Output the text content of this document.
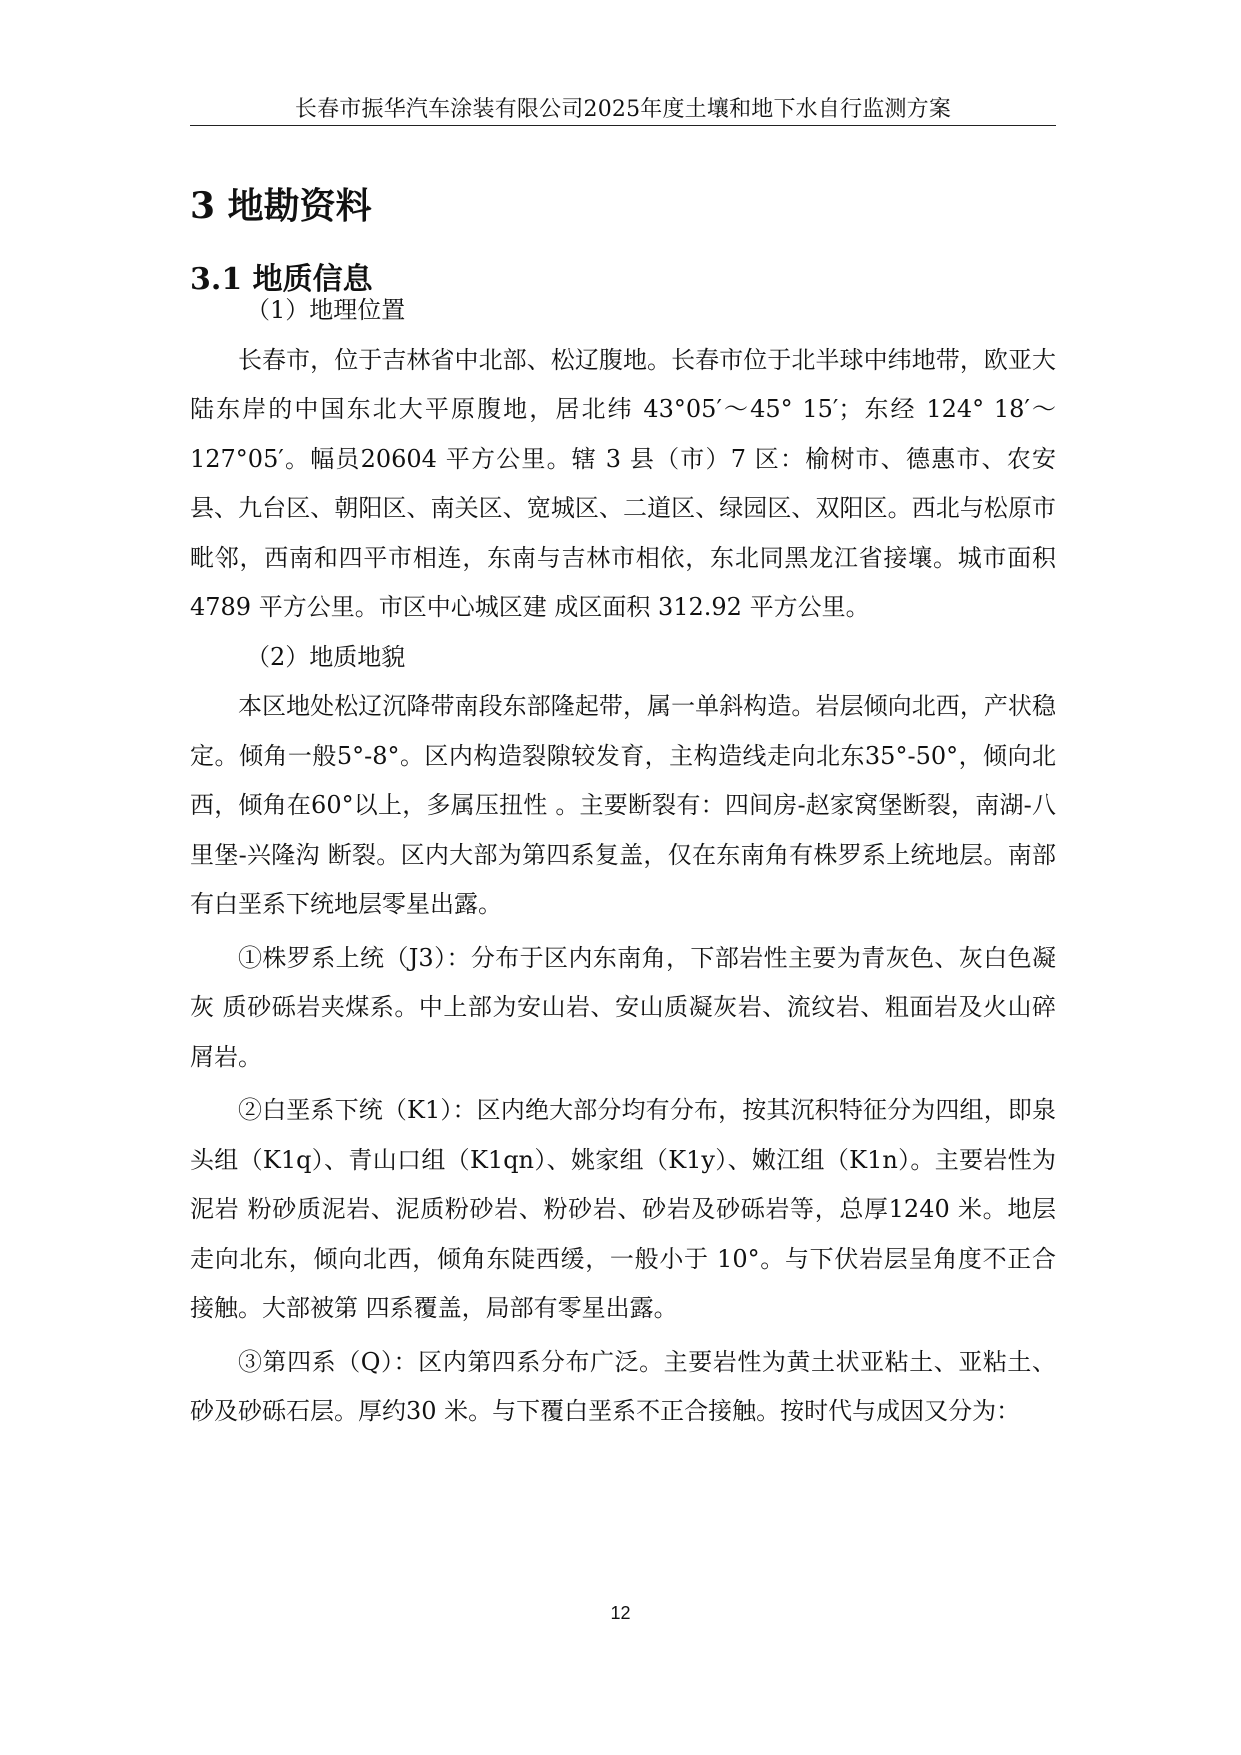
长春市振华汽车涂装有限公司2025年度土壤和地下水自行监测方案
3 地勘资料
3.1 地质信息

（1）地理位置

长春市，位于吉林省中北部、松辽腹地。长春市位于北半球中纬地带，欧亚大陆东岸的中国东北大平原腹地，居北纬 43°05′～45° 15′；东经 124° 18′～127°05′。幅员20604 平方公里。辖 3 县（市）7 区：榆树市、德惠市、农安县、九台区、朝阳区、南关区、宽城区、二道区、绿园区、双阳区。西北与松原市毗邻，西南和四平市相连，东南与吉林市相依，东北同黑龙江省接壤。城市面积 4789 平方公里。市区中心城区建 成区面积 312.92 平方公里。

（2）地质地貌

本区地处松辽沉降带南段东部隆起带，属一单斜构造。岩层倾向北西，产状稳定。倾角一般5°-8°。区内构造裂隙较发育，主构造线走向北东35°-50°，倾向北西，倾角在60°以上，多属压扭性 。主要断裂有：四间房-赵家窝堡断裂，南湖-八里堡-兴隆沟 断裂。区内大部为第四系复盖，仅在东南角有株罗系上统地层。南部有白垩系下统地层零星出露。

①株罗系上统（J3）：分布于区内东南角，下部岩性主要为青灰色、灰白色凝灰 质砂砾岩夹煤系。中上部为安山岩、安山质凝灰岩、流纹岩、粗面岩及火山碎屑岩。

②白垩系下统（K1）：区内绝大部分均有分布，按其沉积特征分为四组，即泉头组（K1q）、青山口组（K1qn）、姚家组（K1y）、嫩江组（K1n）。主要岩性为泥岩 粉砂质泥岩、泥质粉砂岩、粉砂岩、砂岩及砂砾岩等，总厚1240 米。地层走向北东，倾向北西，倾角东陡西缓，一般小于 10°。与下伏岩层呈角度不正合接触。大部被第 四系覆盖，局部有零星出露。

③第四系（Q）：区内第四系分布广泛。主要岩性为黄土状亚粘土、亚粘土、砂及砂砾石层。厚约30 米。与下覆白垩系不正合接触。按时代与成因又分为：

12
